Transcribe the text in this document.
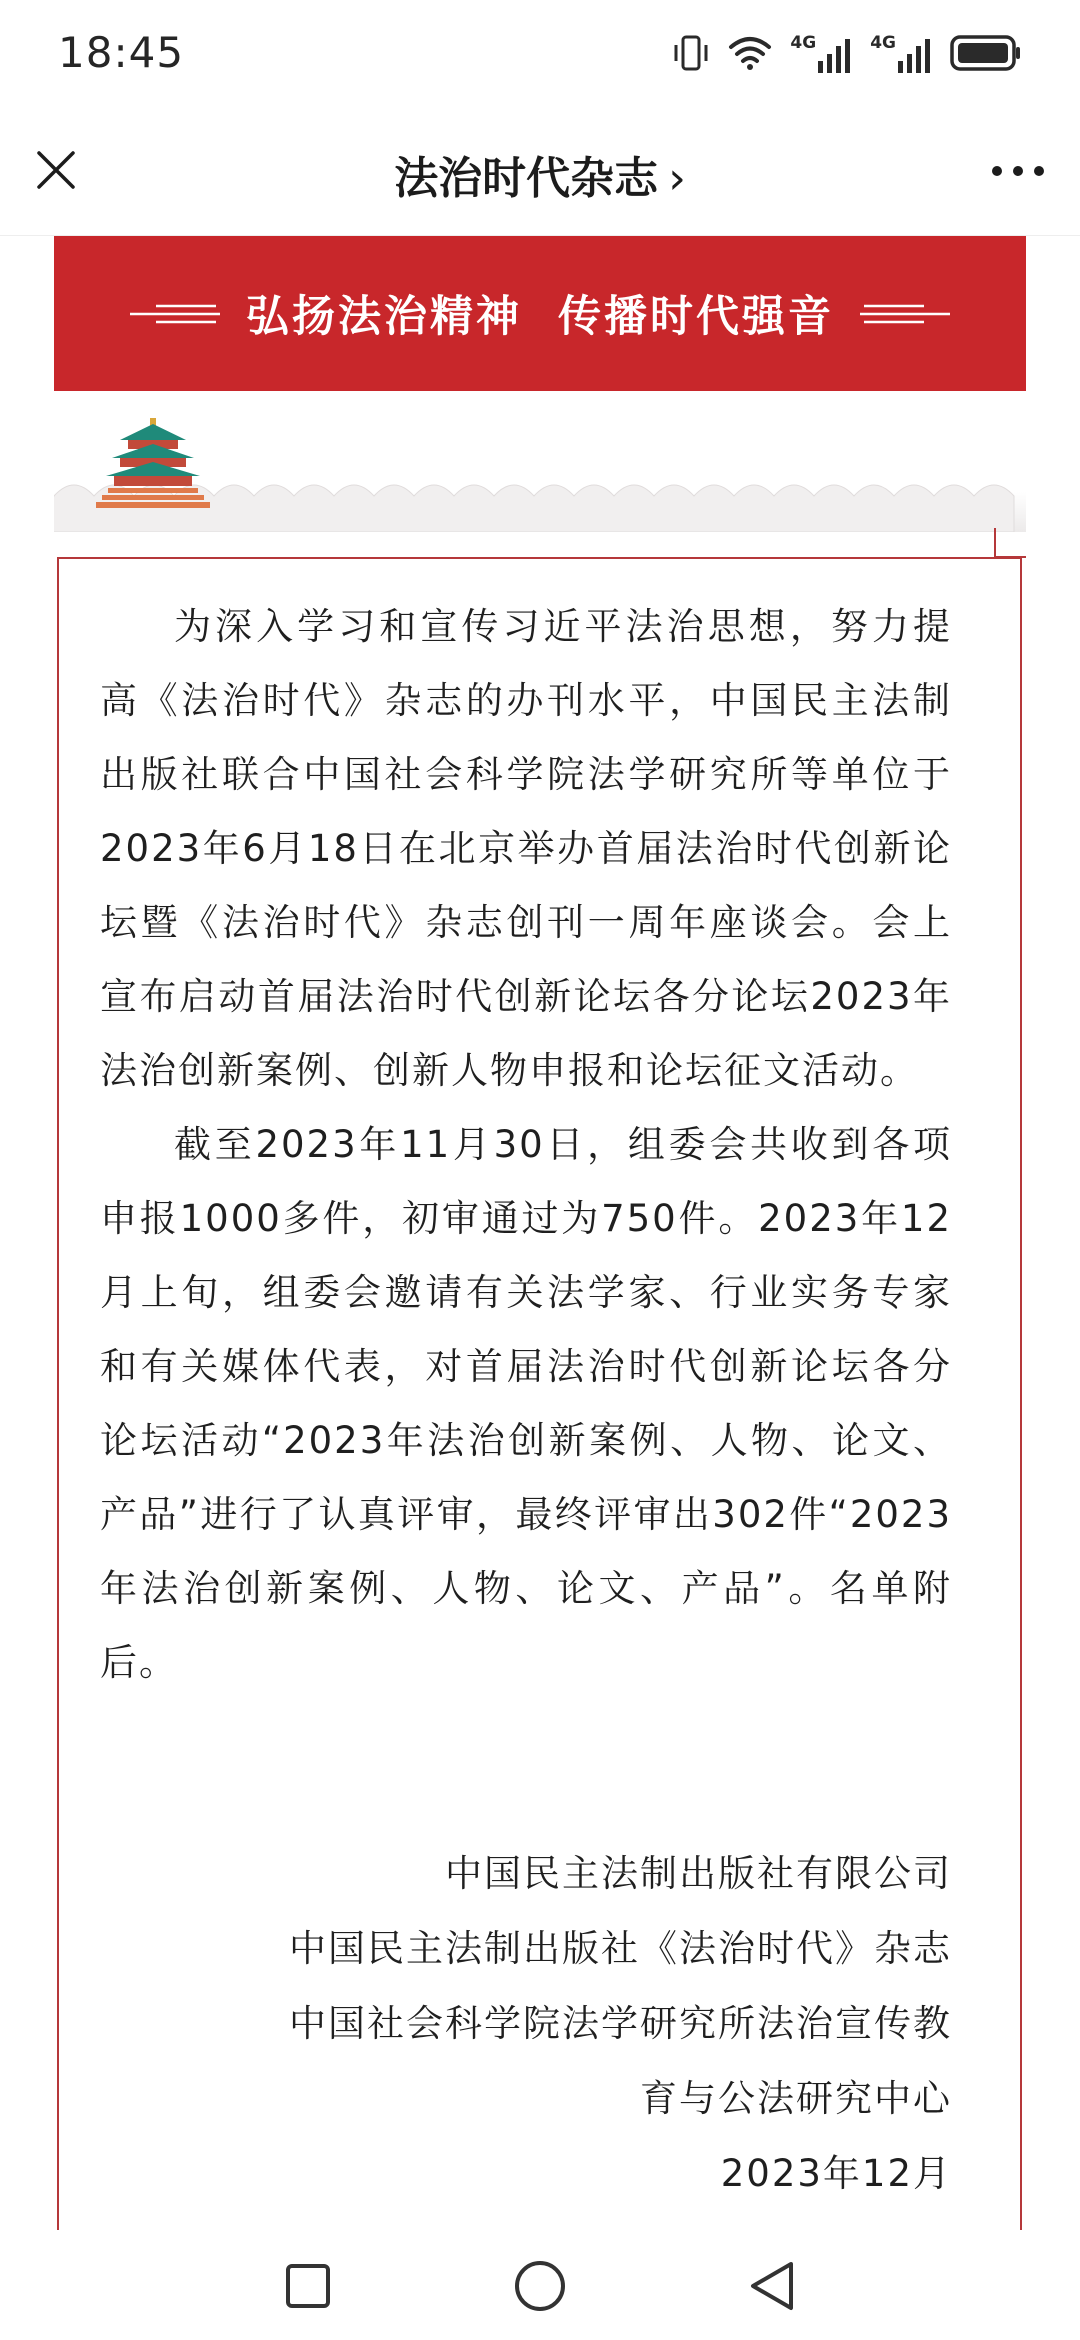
18:45	4G	4G
法治时代杂志 ›
弘扬法治精神  传播时代强音

为深入学习和宣传习近平法治思想，努力提高《法治时代》杂志的办刊水平，中国民主法制出版社联合中国社会科学院法学研究所等单位于2023年6月18日在北京举办首届法治时代创新论坛暨《法治时代》杂志创刊一周年座谈会。会上宣布启动首届法治时代创新论坛各分论坛2023年法治创新案例、创新人物申报和论坛征文活动。

截至2023年11月30日，组委会共收到各项申报1000多件，初审通过为750件。2023年12月上旬，组委会邀请有关法学家、行业实务专家和有关媒体代表，对首届法治时代创新论坛各分论坛活动“2023年法治创新案例、人物、论文、产品”进行了认真评审，最终评审出302件“2023年法治创新案例、人物、论文、产品”。名单附后。

中国民主法制出版社有限公司
中国民主法制出版社《法治时代》杂志
中国社会科学院法学研究所法治宣传教
育与公法研究中心
2023年12月
